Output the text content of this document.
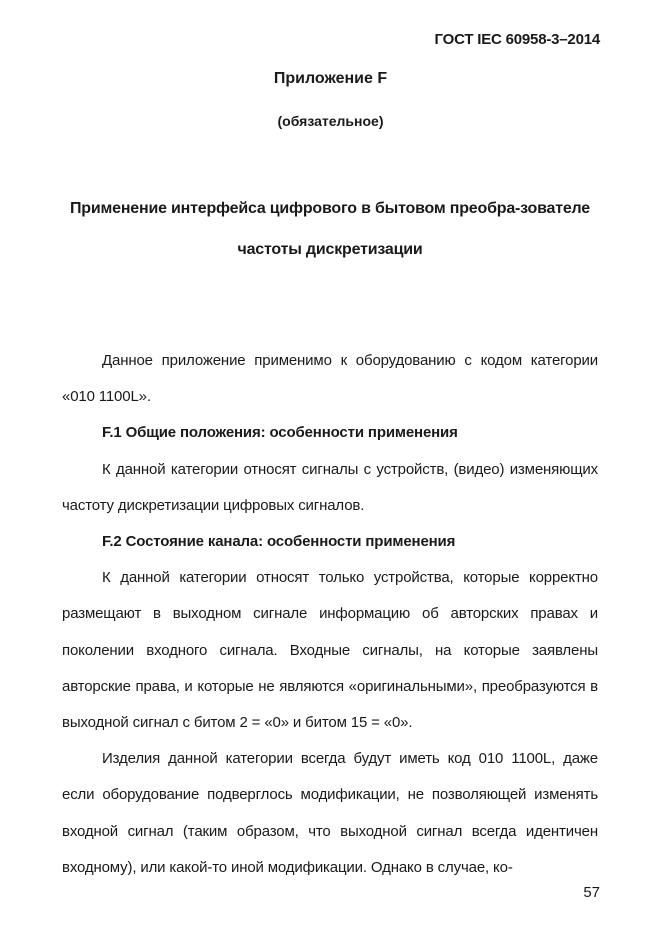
ГОСТ IEC 60958-3–2014
Приложение F
(обязательное)
Применение интерфейса цифрового в бытовом преобра-зователе частоты дискретизации

Данное приложение применимо к оборудованию с кодом категории «010 1100L».

F.1 Общие положения: особенности применения

К данной категории относят сигналы с устройств, (видео) изменяющих частоту дискретизации цифровых сигналов.

F.2 Состояние канала: особенности применения

К данной категории относят только устройства, которые корректно размещают в выходном сигнале информацию об авторских правах и поколении входного сигнала. Входные сигналы, на которые заявлены авторские права, и которые не являются «оригинальными», преобразуются в выходной сигнал с битом 2 = «0» и битом 15 = «0».

Изделия данной категории всегда будут иметь код 010 1100L, даже если оборудование подверглось модификации, не позволяющей изменять входной сигнал (таким образом, что выходной сигнал всегда идентичен входному), или какой-то иной модификации. Однако в случае, ко-

57
